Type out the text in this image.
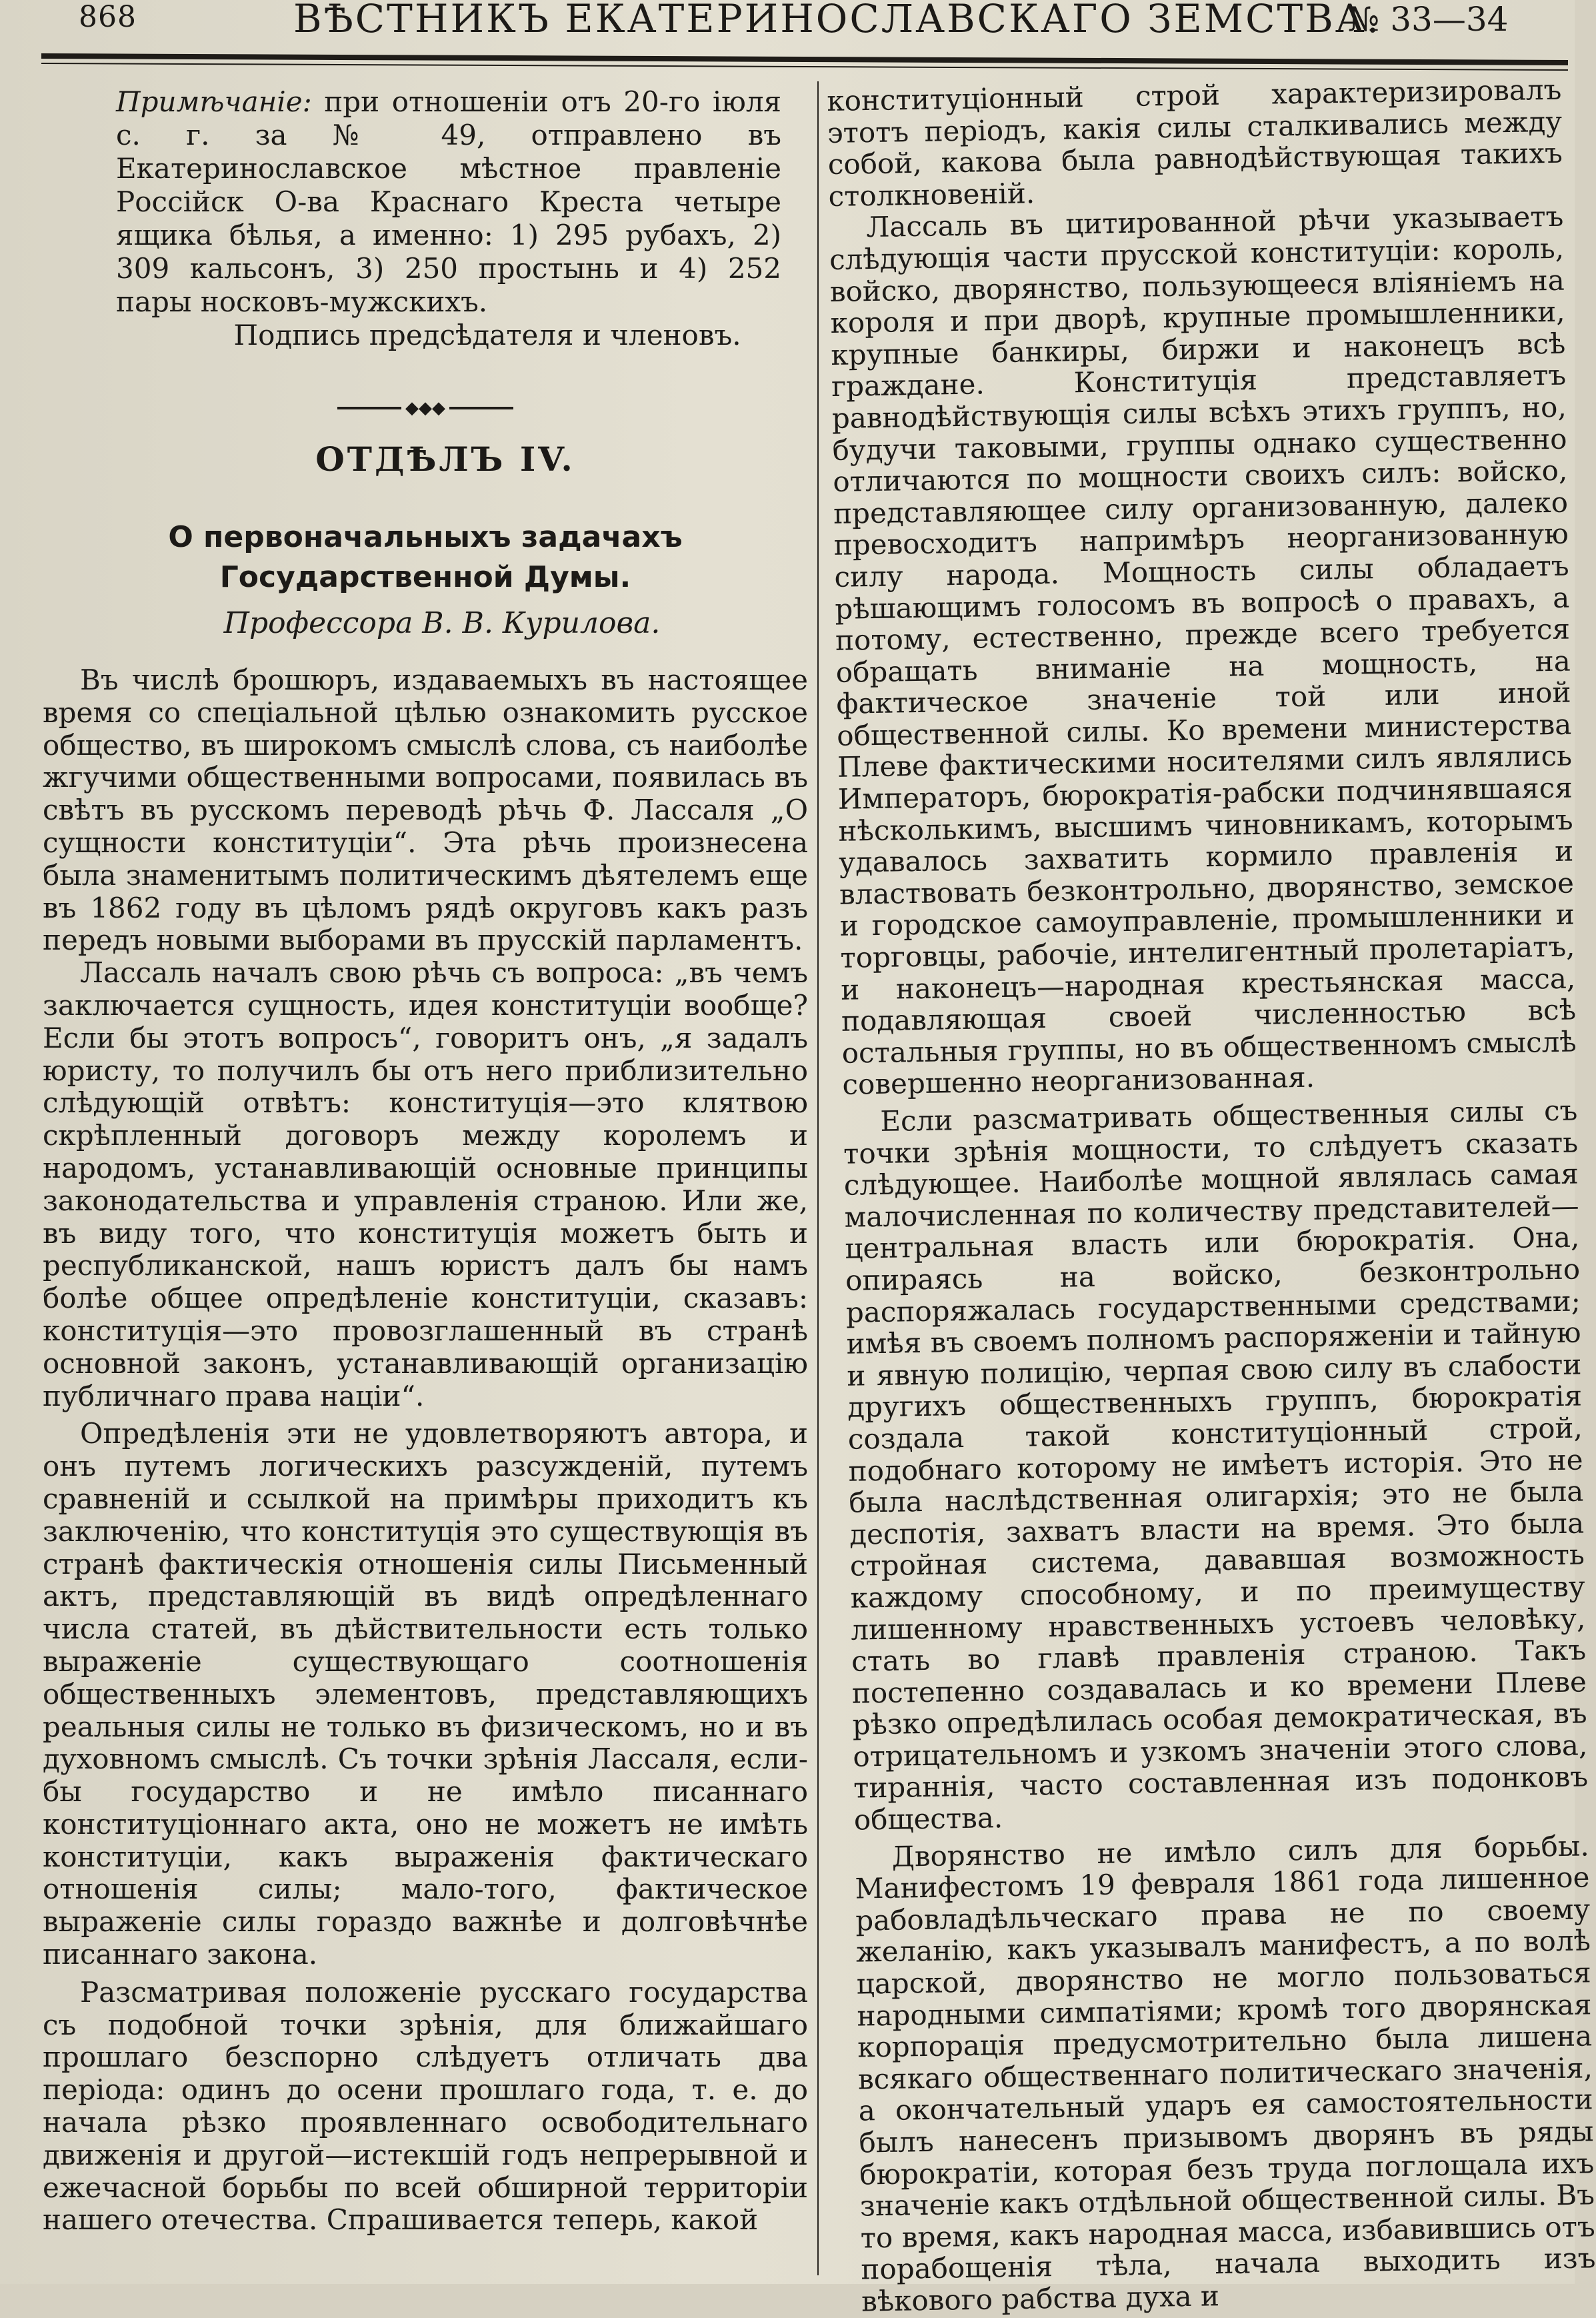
868	ВѢСТНИКЪ ЕКАТЕРИНОСЛАВСКАГО ЗЕМСТВА.
№ 33—34

Примѣчаніе: при отношенiи отъ 20-го іюля с. г. за № 49, отправлено въ Екатеринославское мѣстное правленіе Россійск О-ва Краснаго Креста четыре ящика бѣлья, а именно: 1) 295 рубахъ, 2) 309 кальсонъ, 3) 250 простынь и 4) 252 пары носковъ-мужскихъ.

Подпись предсѣдателя и членовъ.

◆◆◆
ОТДѢЛЪ IV.
О первоначальныхъ задачахъ Государственной Думы.
Профессора В. В. Курилова.

Въ числѣ брошюръ, издаваемыхъ въ настоящее время со спеціальной цѣлью ознакомить русское общество, въ широкомъ смыслѣ слова, съ наиболѣе жгучими общественными вопросами, появилась въ свѣтъ въ русскомъ переводѣ рѣчь Ф. Лассаля „О сущности конституціи“. Эта рѣчь произнесена была знаменитымъ политическимъ дѣятелемъ еще въ 1862 году въ цѣломъ рядѣ округовъ какъ разъ передъ новыми выборами въ прусскій парламентъ.

Лассаль началъ свою рѣчь съ вопроса: „въ чемъ заключается сущность, идея конституціи вообще? Если бы этотъ вопросъ“, говоритъ онъ, „я задалъ юристу, то получилъ бы отъ него приблизительно слѣдующій отвѣтъ: конституція—это клятвою скрѣпленный договоръ между королемъ и народомъ, устанавливающій основные принципы законодательства и управленія страною. Или же, въ виду того, что конституція можетъ быть и республиканской, нашъ юристъ далъ бы намъ болѣе общее опредѣленіе конституціи, сказавъ: конституція—это провозглашенный въ странѣ основной законъ, устанавливающій организацію публичнаго права націи“.

Опредѣленія эти не удовлетворяютъ автора, и онъ путемъ логическихъ разсужденій, путемъ сравненій и ссылкой на примѣры приходитъ къ заключенію, что конституція это существующія въ странѣ фактическія отношенія силы Письменный актъ, представляющій въ видѣ опредѣленнаго числа статей, въ дѣйствительности есть только выраженіе существующаго соотношенія общественныхъ элементовъ, представляющихъ реальныя силы не только въ физическомъ, но и въ духовномъ смыслѣ. Съ точки зрѣнія Лассаля, если-бы государство и не имѣло писаннаго конституціоннаго акта, оно не можетъ не имѣть конституціи, какъ выраженія фактическаго отношенія силы; мало-того, фактическое выраженіе силы гораздо важнѣе и долговѣчнѣе писаннаго закона.

Разсматривая положеніе русскаго государства съ подобной точки зрѣнія, для ближайшаго прошлаго безспорно слѣдуетъ отличать два періода: одинъ до осени прошлаго года, т. е. до начала рѣзко проявленнаго освободительнаго движенія и другой—истекшій годъ непрерывной и ежечасной борьбы по всей обширной территоріи нашего отечества. Спрашивается теперь, какой

конституціонный строй характеризировалъ этотъ періодъ, какія силы сталкивались между собой, какова была равнодѣйствующая такихъ столкновеній.

Лассаль въ цитированной рѣчи указываетъ слѣдующія части прусской конституціи: король, войско, дворянство, пользующееся вліяніемъ на короля и при дворѣ, крупные промышленники, крупные банкиры, биржи и наконецъ всѣ граждане. Конституція представляетъ равнодѣйствующія силы всѣхъ этихъ группъ, но, будучи таковыми, группы однако существенно отличаются по мощности своихъ силъ: войско, представляющее силу организованную, далеко превосходитъ напримѣръ неорганизованную силу народа. Мощность силы обладаетъ рѣшающимъ голосомъ въ вопросѣ о правахъ, а потому, естественно, прежде всего требуется обращать вниманіе на мощность, на фактическое значеніе той или иной общественной силы. Ко времени министерства Плеве фактическими носителями силъ являлись Императоръ, бюрократія-рабски подчинявшаяся нѣсколькимъ, высшимъ чиновникамъ, которымъ удавалось захватить кормило правленія и властвовать безконтрольно, дворянство, земское и городское самоуправленіе, промышленники и торговцы, рабочіе, интелигентный пролетаріатъ, и наконецъ—народная крестьянская масса, подавляющая своей численностью всѣ остальныя группы, но въ общественномъ смыслѣ совершенно неорганизованная.

Если разсматривать общественныя силы съ точки зрѣнія мощности, то слѣдуетъ сказать слѣдующее. Наиболѣе мощной являлась самая малочисленная по количеству представителей—центральная власть или бюрократія. Она, опираясь на войско, безконтрольно распоряжалась государственными средствами; имѣя въ своемъ полномъ распоряженіи и тайную и явную полицію, черпая свою силу въ слабости другихъ общественныхъ группъ, бюрократія создала такой конституціонный строй, подобнаго которому не имѣетъ исторія. Это не была наслѣдственная олигархія; это не была деспотія, захватъ власти на время. Это была стройная система, дававшая возможность каждому способному, и по преимуществу лишенному нравственныхъ устоевъ человѣку, стать во главѣ правленія страною. Такъ постепенно создавалась и ко времени Плеве рѣзко опредѣлилась особая демократическая, въ отрицательномъ и узкомъ значеніи этого слова, тираннія, часто составленная изъ подонковъ общества.

Дворянство не имѣло силъ для борьбы. Манифестомъ 19 февраля 1861 года лишенное рабовладѣльческаго права не по своему желанію, какъ указывалъ манифестъ, а по волѣ царской, дворянство не могло пользоваться народными симпатіями; кромѣ того дворянская корпорація предусмотрительно была лишена всякаго общественнаго политическаго значенія, а окончательный ударъ ея самостоятельности былъ нанесенъ призывомъ дворянъ въ ряды бюрократіи, которая безъ труда поглощала ихъ значеніе какъ отдѣльной общественной силы. Въ то время, какъ народная масса, избавившись отъ порабощенія тѣла, начала выходить изъ вѣкового рабства духа и
